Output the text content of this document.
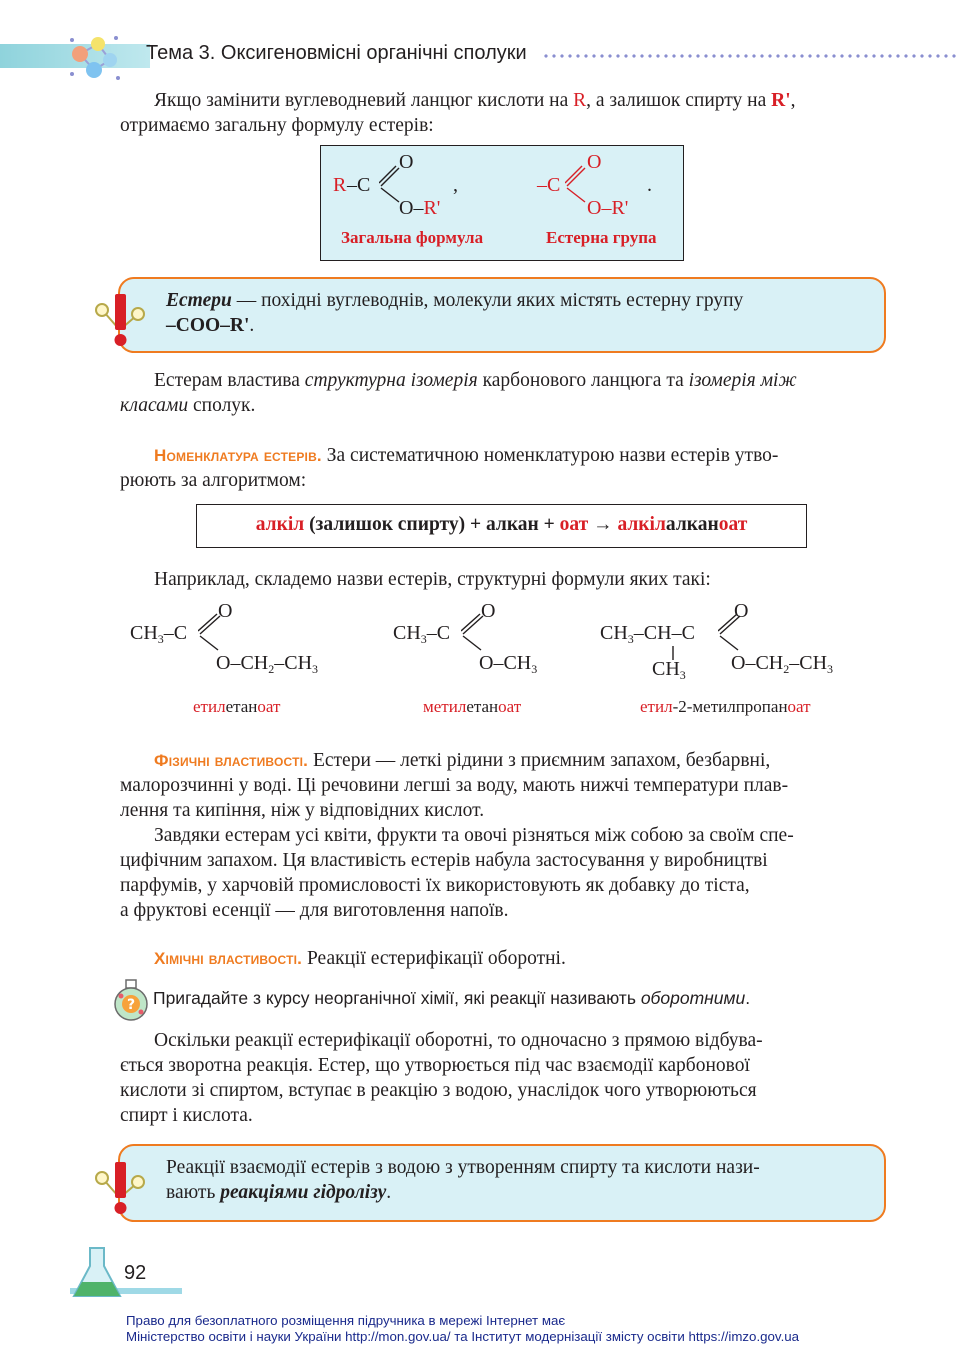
Тема 3. Оксигеновмісні органічні сполуки
Якщо замінити вуглеводневий ланцюг кислоти на R, а залишок спирту на R',
отримаємо загальну формулу естерів:
R –C
O
O–R'
,
Загальна формула
–C
O
O–R'
.
Естерна група
Естери — похідні вуглеводнів, молекули яких містять естерну групу
–COO–R'.
Естерам властива структурна ізомерія карбонового ланцюга та ізомерія між
класами сполук.
Номенклатура естерів. За систематичною номенклатурою назви естерів утво-
рюють за алгоритмом:
алкіл (залишок спирту) + алкан + оат → алкілалканоат
Наприклад, складемо назви естерів, структурні формули яких такі:
$CH_3-C$
O
$O-CH_2-CH_3$
етилетаноат
$CH_3-C$
O
$O-CH_3$
метилетаноат
$CH_3-CH-C$
O
$CH_3$
$O-CH_2-CH_3$
етил-2-метилпропаноат
Фізичні властивості. Естери — леткі рідини з приємним запахом, безбарвні,
малорозчинні у воді. Ці речовини легші за воду, мають нижчі температури плав-
лення та кипіння, ніж у відповідних кислот.
Завдяки естерам усі квіти, фрукти та овочі різняться між собою за своїм спе-
цифічним запахом. Ця властивість естерів набула застосування у виробництві
парфумів, у харчовій промисловості їх використовують як добавку до тіста,
а фруктові есенції — для виготовлення напоїв.
Хімічні властивості. Реакції естерифікації оборотні.
? Пригадайте з курсу неорганічної хімії, які реакції називають оборотними.
Оскільки реакції естерифікації оборотні, то одночасно з прямою відбува-
ється зворотна реакція. Естер, що утворюється під час взаємодії карбонової
кислоти зі спиртом, вступає в реакцію з водою, унаслідок чого утворюються
спирт і кислота.
Реакції взаємодії естерів з водою з утворенням спирту та кислоти нази-
вають реакціями гідролізу.
92
Право для безоплатного розміщення підручника в мережі Інтернет має
Міністерство освіти і науки України http://mon.gov.ua/ та Інститут модернізації змісту освіти https://imzo.gov.ua
